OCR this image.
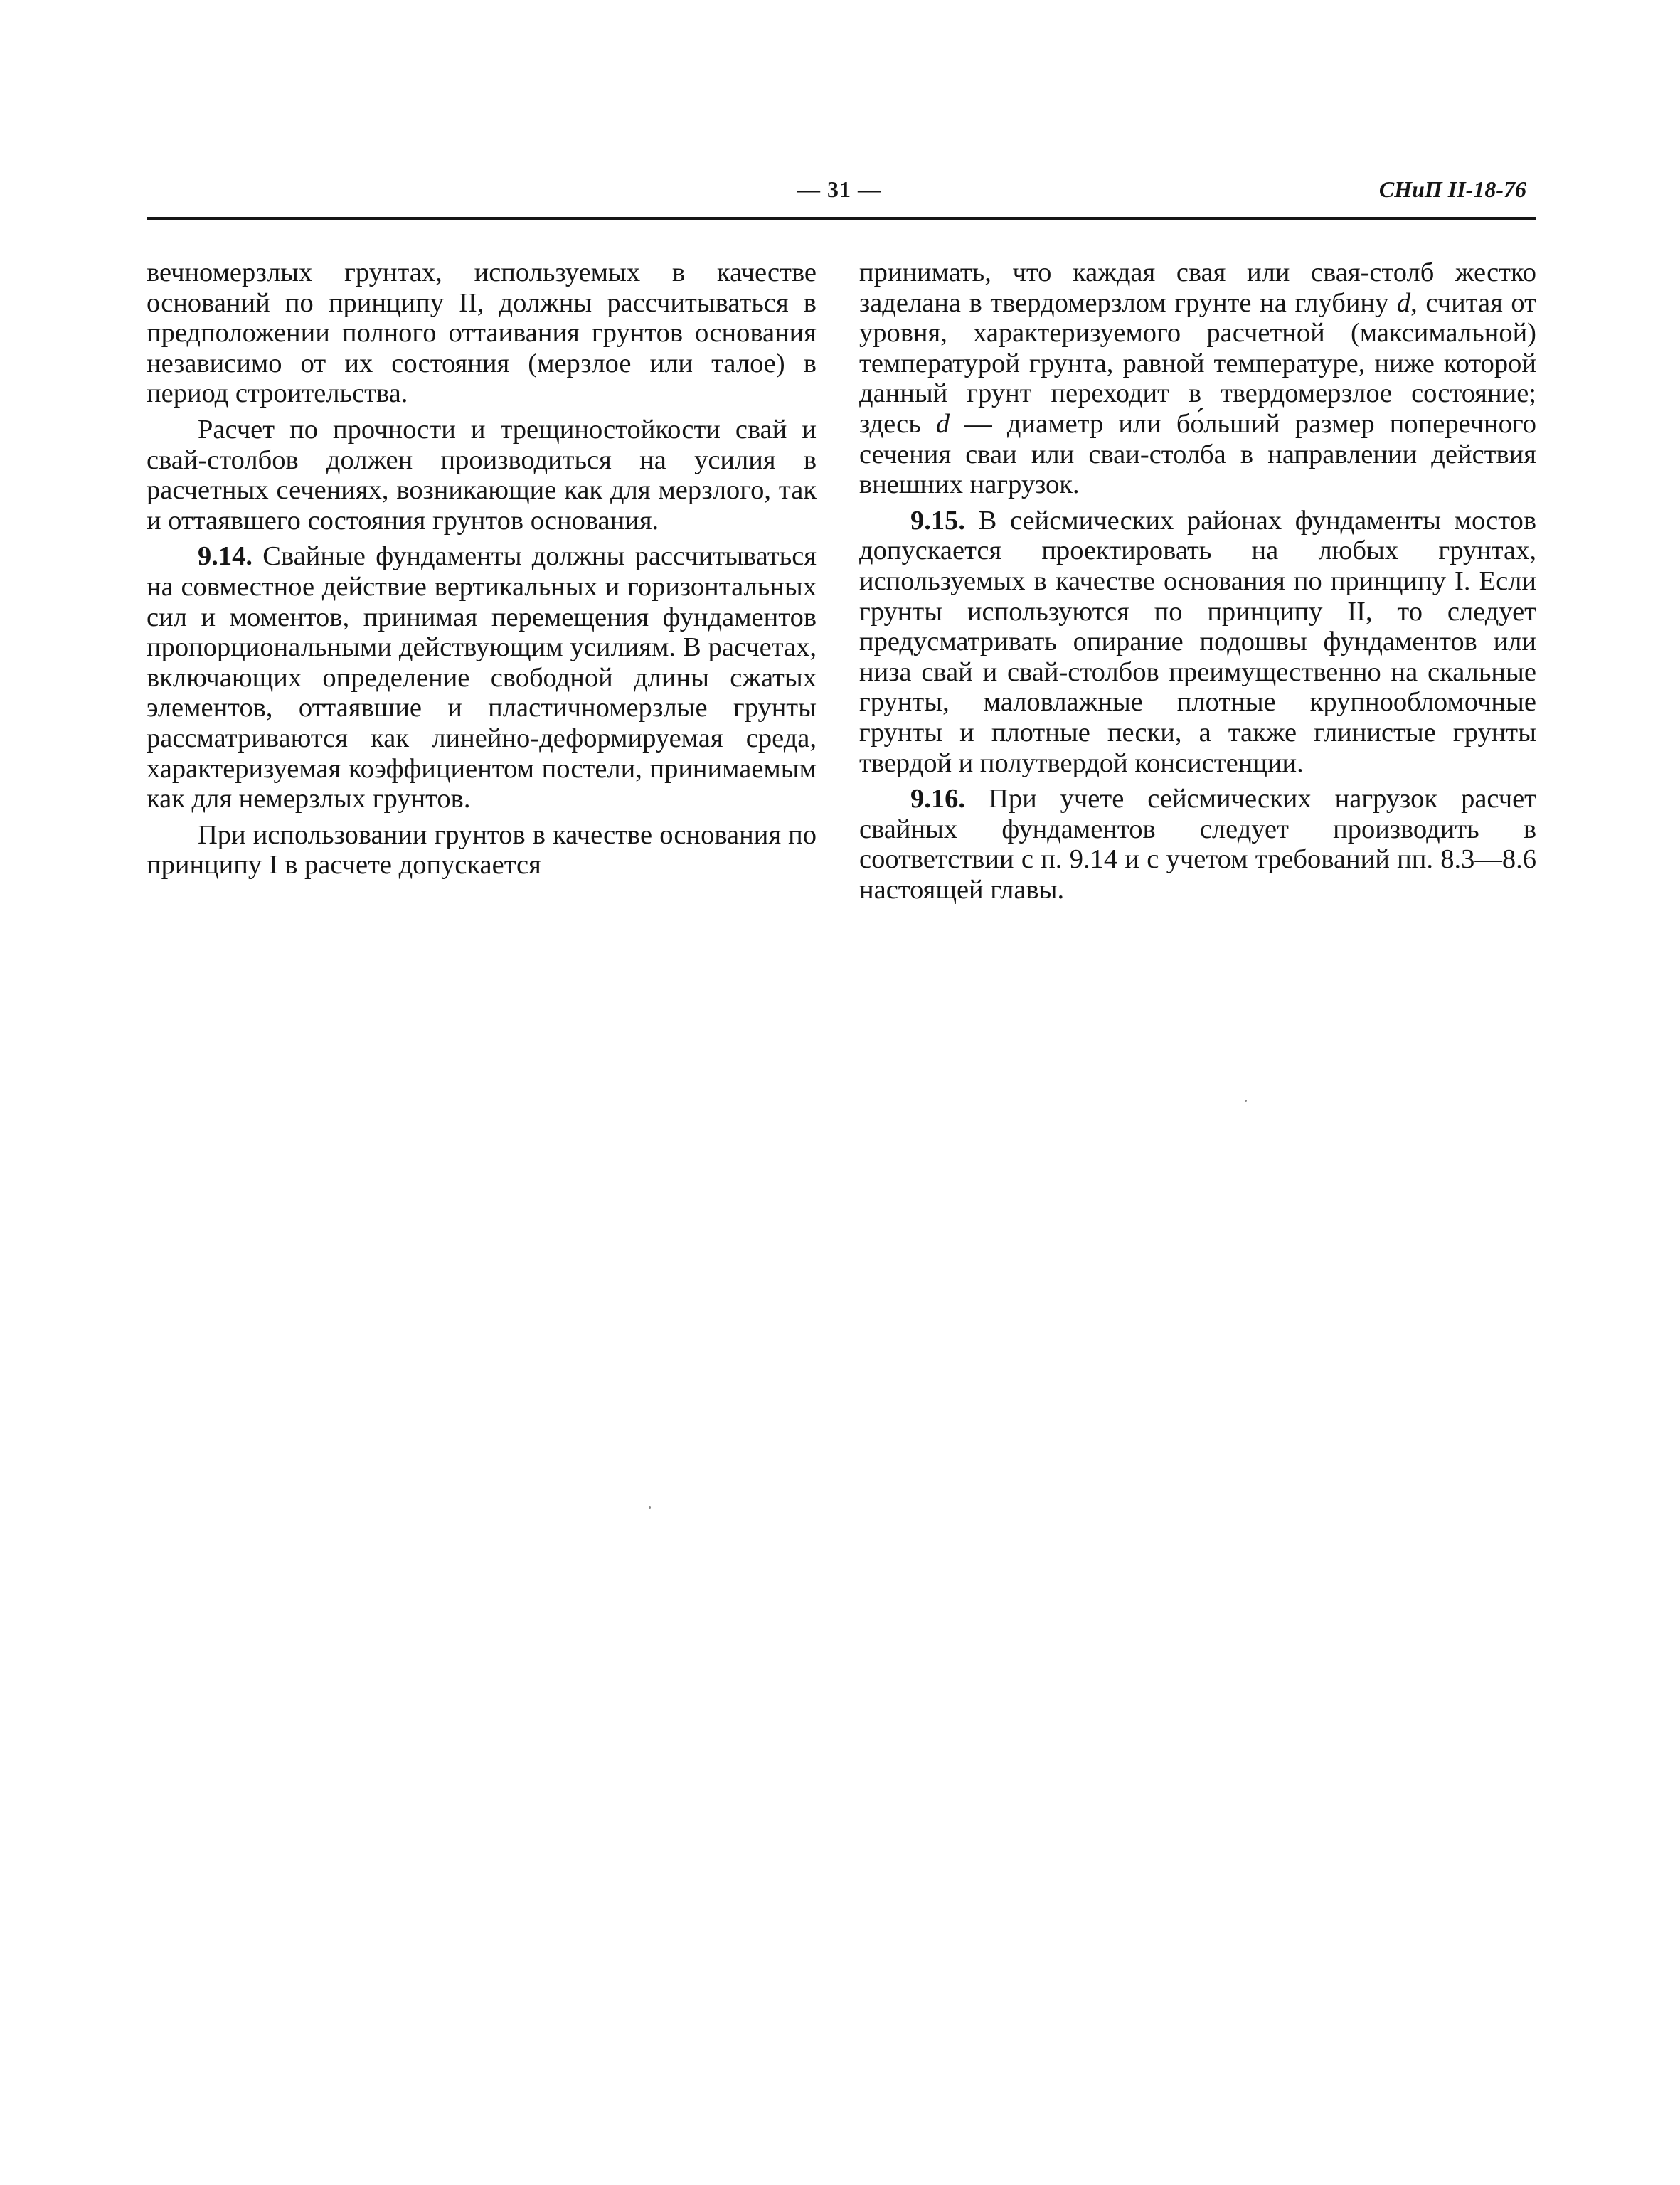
— 31 —	СНиП II-18-76

вечномерзлых грунтах, используемых в качестве оснований по принципу II, должны рассчитываться в предположении полного оттаивания грунтов основания независимо от их состояния (мерзлое или талое) в период строительства.

Расчет по прочности и трещиностойкости свай и свай-столбов должен производиться на усилия в расчетных сечениях, возникающие как для мерзлого, так и оттаявшего состояния грунтов основания.

9.14. Свайные фундаменты должны рассчитываться на совместное действие вертикальных и горизонтальных сил и моментов, принимая перемещения фундаментов пропорциональными действующим усилиям. В расчетах, включающих определение свободной длины сжатых элементов, оттаявшие и пластичномерзлые грунты рассматриваются как линейно-деформируемая среда, характеризуемая коэффициентом постели, принимаемым как для немерзлых грунтов.

При использовании грунтов в качестве основания по принципу I в расчете допускается

принимать, что каждая свая или свая-столб жестко заделана в твердомерзлом грунте на глубину d, считая от уровня, характеризуемого расчетной (максимальной) температурой грунта, равной температуре, ниже которой данный грунт переходит в твердомерзлое состояние; здесь d — диаметр или бо́льший размер поперечного сечения сваи или сваи-столба в направлении действия внешних нагрузок.

9.15. В сейсмических районах фундаменты мостов допускается проектировать на любых грунтах, используемых в качестве основания по принципу I. Если грунты используются по принципу II, то следует предусматривать опирание подошвы фундаментов или низа свай и свай-столбов преимущественно на скальные грунты, маловлажные плотные крупнообломочные грунты и плотные пески, а также глинистые грунты твердой и полутвердой консистенции.

9.16. При учете сейсмических нагрузок расчет свайных фундаментов следует производить в соответствии с п. 9.14 и с учетом требований пп. 8.3—8.6 настоящей главы.
